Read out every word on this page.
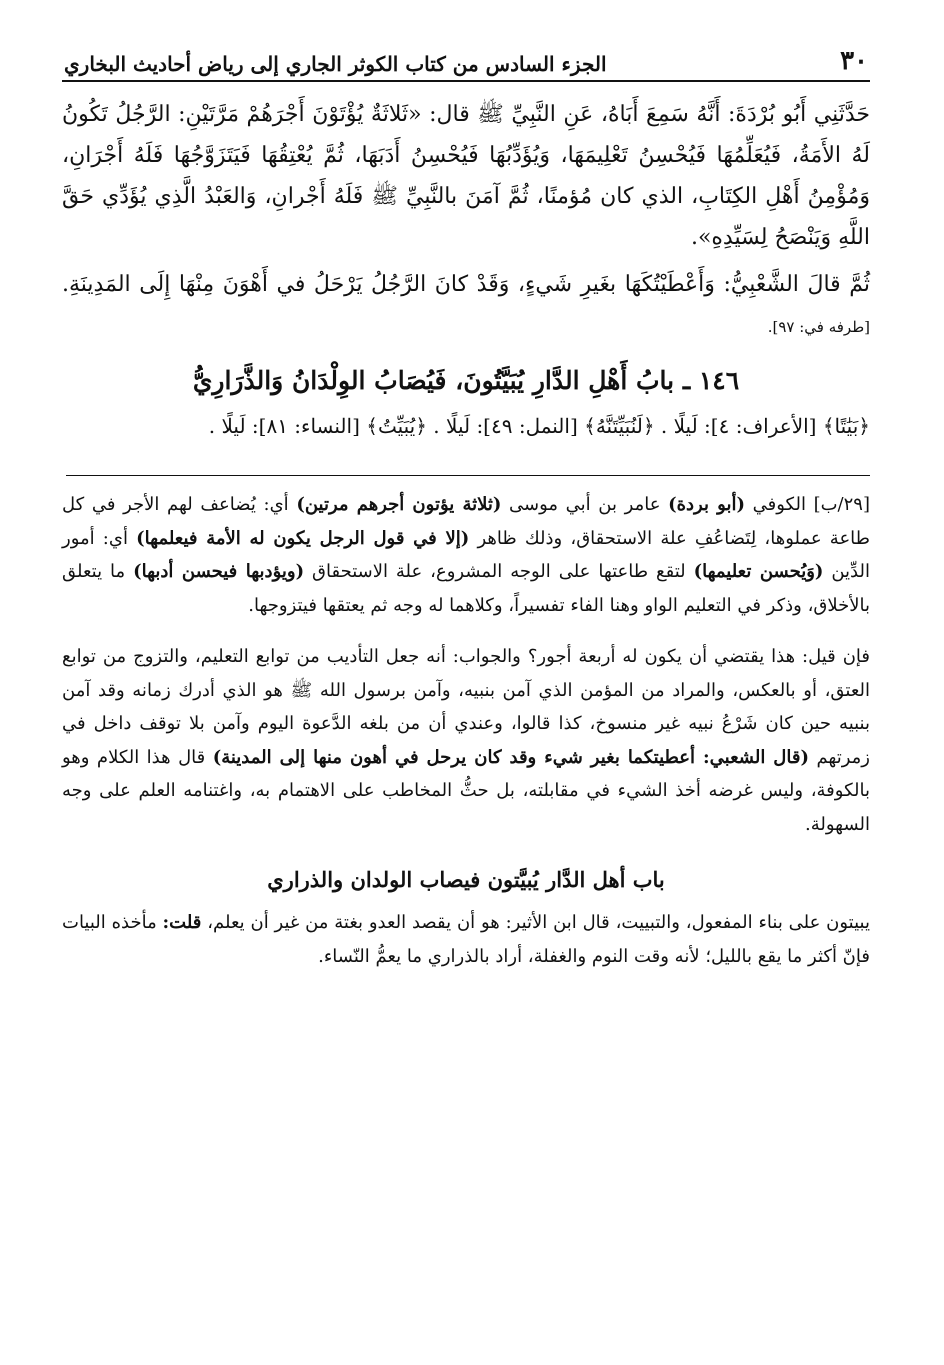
٣٠
الجزء السادس من كتاب الكوثر الجاري إلى رياض أحاديث البخاري

حَدَّثَنِي أَبُو بُرْدَةَ: أَنَّهُ سَمِعَ أَبَاهُ، عَنِ النَّبِيِّ ﷺ قال: «ثَلاثَةٌ يُؤْتَوْنَ أَجْرَهُمْ مَرَّتَيْنِ: الرَّجُلُ تَكُونُ لَهُ الأَمَةُ، فَيُعَلِّمُهَا فَيُحْسِنُ تَعْلِيمَهَا، وَيُؤَدِّبُهَا فَيُحْسِنُ أَدَبَهَا، ثُمَّ يُعْتِقُهَا فَيَتَزَوَّجُهَا فَلَهُ أَجْرَانِ، وَمُؤْمِنُ أَهْلِ الكِتَابِ، الذي كان مُؤمنًا، ثُمَّ آمَنَ بالنَّبِيِّ ﷺ فَلَهُ أَجْرانِ، وَالعَبْدُ الَّذِي يُؤَدِّي حَقَّ اللَّهِ وَيَنْصَحُ لِسَيِّدِهِ».

ثُمَّ قالَ الشَّعْبِيُّ: وَأَعْطَيْتُكَهَا بغَيرِ شَيءٍ، وَقَدْ كانَ الرَّجُلُ يَرْحَلُ في أَهْوَنَ مِنْهَا إِلَى المَدِينَةِ. [طرفه في: ٩٧].

١٤٦ ـ بابُ أَهْلِ الدَّارِ يُبَيَّتُونَ، فَيُصَابُ الوِلْدَانُ وَالذَّرَارِيُّ

﴿بَيَٰتًا﴾ [الأعراف: ٤]: لَيلًا . ﴿لَنُبَيِّتَنَّهُ﴾ [النمل: ٤٩]: لَيلًا . ﴿يُبَيِّتُ﴾ [النساء: ٨١]: لَيلًا .

[٢٩/ب] الكوفي (أبو بردة) عامر بن أبي موسى (ثلاثة يؤتون أجرهم مرتين) أي: يُضاعف لهم الأجر في كل طاعة عملوها، لِتَضاعُفِ علة الاستحقاق، وذلك ظاهر (إلا في قول الرجل يكون له الأمة فيعلمها) أي: أمور الدِّين (وَيُحسن تعليمها) لتقع طاعتها على الوجه المشروع، علة الاستحقاق (ويؤدبها فيحسن أدبها) ما يتعلق بالأخلاق، وذكر في التعليم الواو وهنا الفاء تفسيراً، وكلاهما له وجه ثم يعتقها فيتزوجها.

فإن قيل: هذا يقتضي أن يكون له أربعة أجور؟ والجواب: أنه جعل التأديب من توابع التعليم، والتزوج من توابع العتق، أو بالعكس، والمراد من المؤمن الذي آمن بنبيه، وآمن برسول الله ﷺ هو الذي أدرك زمانه وقد آمن بنبيه حين كان شَرْعُ نبيه غير منسوخ، كذا قالوا، وعندي أن من بلغه الدَّعوة اليوم وآمن بلا توقف داخل في زمرتهم (قال الشعبي: أعطيتكما بغير شيء وقد كان يرحل في أهون منها إلى المدينة) قال هذا الكلام وهو بالكوفة، وليس غرضه أخذ الشيء في مقابلته، بل حثُّ المخاطب على الاهتمام به، واغتنامه العلم على وجه السهولة.

باب أهل الدَّار يُبيَّتون فيصاب الولدان والذراري

يبيتون على بناء المفعول، والتبييت، قال ابن الأثير: هو أن يقصد العدو بغتة من غير أن يعلم، قلت: مأخذه البيات فإنّ أكثر ما يقع بالليل؛ لأنه وقت النوم والغفلة، أراد بالذراري ما يعمُّ النّساء.
